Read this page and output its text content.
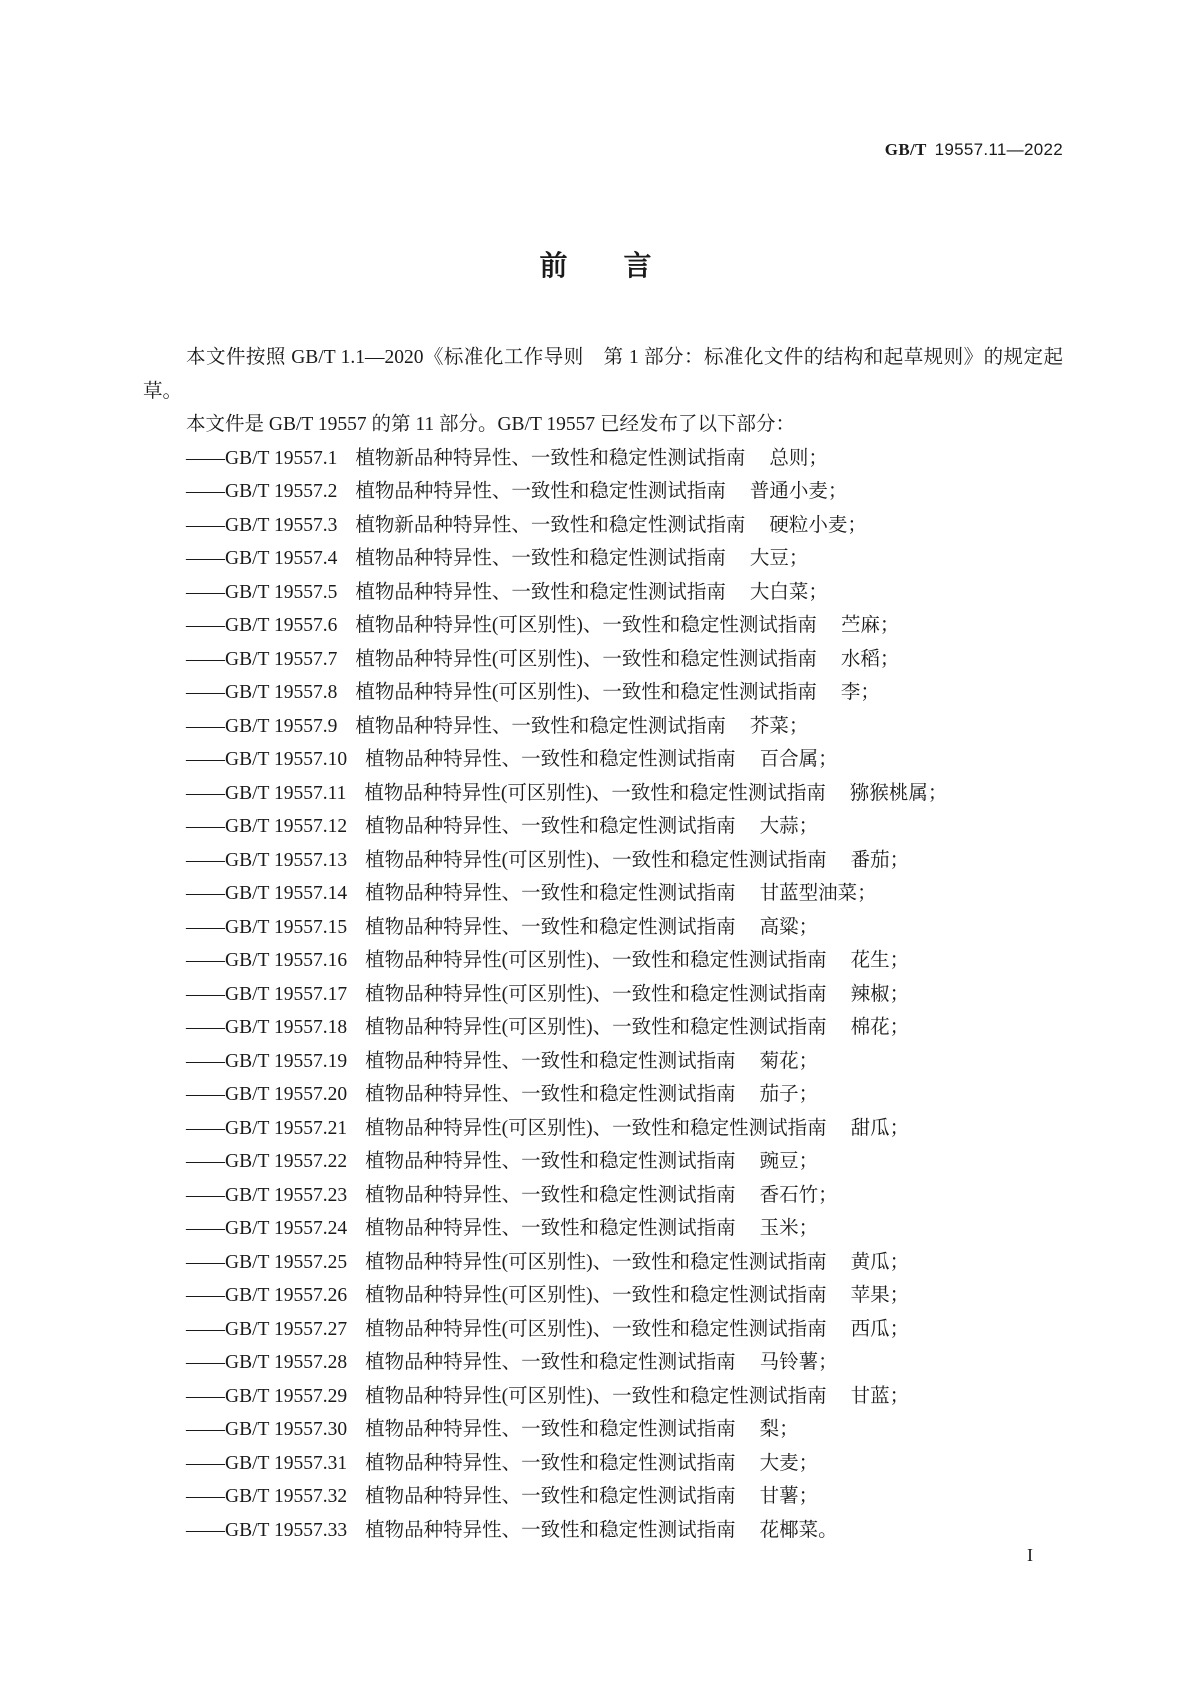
GB/T 19557.11—2022
前 言

本文件按照 GB/T 1.1—2020《标准化工作导则　第 1 部分：标准化文件的结构和起草规则》的规定起草。

本文件是 GB/T 19557 的第 11 部分。GB/T 19557 已经发布了以下部分：

——GB/T 19557.1 植物新品种特异性、一致性和稳定性测试指南 总则；
——GB/T 19557.2 植物品种特异性、一致性和稳定性测试指南 普通小麦；
——GB/T 19557.3 植物新品种特异性、一致性和稳定性测试指南 硬粒小麦；
——GB/T 19557.4 植物品种特异性、一致性和稳定性测试指南 大豆；
——GB/T 19557.5 植物品种特异性、一致性和稳定性测试指南 大白菜；
——GB/T 19557.6 植物品种特异性(可区别性)、一致性和稳定性测试指南 苎麻；
——GB/T 19557.7 植物品种特异性(可区别性)、一致性和稳定性测试指南 水稻；
——GB/T 19557.8 植物品种特异性(可区别性)、一致性和稳定性测试指南 李；
——GB/T 19557.9 植物品种特异性、一致性和稳定性测试指南 芥菜；
——GB/T 19557.10 植物品种特异性、一致性和稳定性测试指南 百合属；
——GB/T 19557.11 植物品种特异性(可区别性)、一致性和稳定性测试指南 猕猴桃属；
——GB/T 19557.12 植物品种特异性、一致性和稳定性测试指南 大蒜；
——GB/T 19557.13 植物品种特异性(可区别性)、一致性和稳定性测试指南 番茄；
——GB/T 19557.14 植物品种特异性、一致性和稳定性测试指南 甘蓝型油菜；
——GB/T 19557.15 植物品种特异性、一致性和稳定性测试指南 高粱；
——GB/T 19557.16 植物品种特异性(可区别性)、一致性和稳定性测试指南 花生；
——GB/T 19557.17 植物品种特异性(可区别性)、一致性和稳定性测试指南 辣椒；
——GB/T 19557.18 植物品种特异性(可区别性)、一致性和稳定性测试指南 棉花；
——GB/T 19557.19 植物品种特异性、一致性和稳定性测试指南 菊花；
——GB/T 19557.20 植物品种特异性、一致性和稳定性测试指南 茄子；
——GB/T 19557.21 植物品种特异性(可区别性)、一致性和稳定性测试指南 甜瓜；
——GB/T 19557.22 植物品种特异性、一致性和稳定性测试指南 豌豆；
——GB/T 19557.23 植物品种特异性、一致性和稳定性测试指南 香石竹；
——GB/T 19557.24 植物品种特异性、一致性和稳定性测试指南 玉米；
——GB/T 19557.25 植物品种特异性(可区别性)、一致性和稳定性测试指南 黄瓜；
——GB/T 19557.26 植物品种特异性(可区别性)、一致性和稳定性测试指南 苹果；
——GB/T 19557.27 植物品种特异性(可区别性)、一致性和稳定性测试指南 西瓜；
——GB/T 19557.28 植物品种特异性、一致性和稳定性测试指南 马铃薯；
——GB/T 19557.29 植物品种特异性(可区别性)、一致性和稳定性测试指南 甘蓝；
——GB/T 19557.30 植物品种特异性、一致性和稳定性测试指南 梨；
——GB/T 19557.31 植物品种特异性、一致性和稳定性测试指南 大麦；
——GB/T 19557.32 植物品种特异性、一致性和稳定性测试指南 甘薯；
——GB/T 19557.33 植物品种特异性、一致性和稳定性测试指南 花椰菜。
I
